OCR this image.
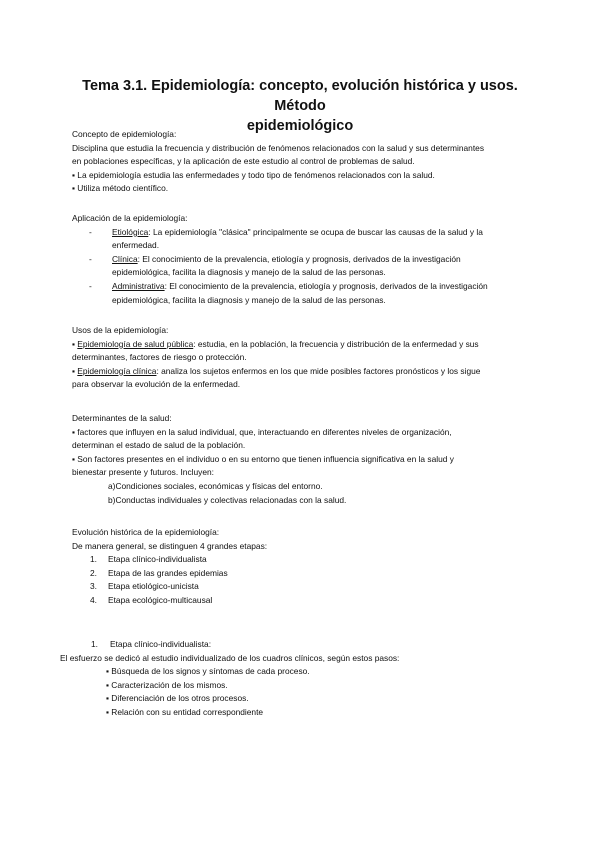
Tema 3.1. Epidemiología: concepto, evolución histórica y usos. Método
epidemiológico

Concepto de epidemiología:

Disciplina que estudia la frecuencia y distribución de fenómenos relacionados con la salud y sus determinantes

en poblaciones específicas, y la aplicación de este estudio al control de problemas de salud.

▪ La epidemiología estudia las enfermedades y todo tipo de fenómenos relacionados con la salud.

▪ Utiliza método científico.

Aplicación de la epidemiología:

- Etiológica: La epidemiología "clásica" principalmente se ocupa de buscar las causas de la salud y la

enfermedad.

- Clínica: El conocimiento de la prevalencia, etiología y prognosis, derivados de la investigación

epidemiológica, facilita la diagnosis y manejo de la salud de las personas.

- Administrativa: El conocimiento de la prevalencia, etiología y prognosis, derivados de la investigación

epidemiológica, facilita la diagnosis y manejo de la salud de las personas.

Usos de la epidemiología:

▪ Epidemiología de salud pública: estudia, en la población, la frecuencia y distribución de la enfermedad y sus

determinantes, factores de riesgo o protección.

▪ Epidemiología clínica: analiza los sujetos enfermos en los que mide posibles factores pronósticos y los sigue

para observar la evolución de la enfermedad.

Determinantes de la salud:

▪ factores que influyen en la salud individual, que, interactuando en diferentes niveles de organización,

determinan el estado de salud de la población.

▪ Son factores presentes en el individuo o en su entorno que tienen influencia significativa en la salud y

bienestar presente y futuros. Incluyen:

a)Condiciones sociales, económicas y físicas del entorno.

b)Conductas individuales y colectivas relacionadas con la salud.

Evolución histórica de la epidemiología:

De manera general, se distinguen 4 grandes etapas:

1. Etapa clínico-individualista

2. Etapa de las grandes epidemias

3. Etapa etiológico-unicista

4. Etapa ecológico-multicausal

1. Etapa clínico-individualista:

El esfuerzo se dedicó al estudio individualizado de los cuadros clínicos, según estos pasos:

▪ Búsqueda de los signos y síntomas de cada proceso.

▪ Caracterización de los mismos.

▪ Diferenciación de los otros procesos.

▪ Relación con su entidad correspondiente
